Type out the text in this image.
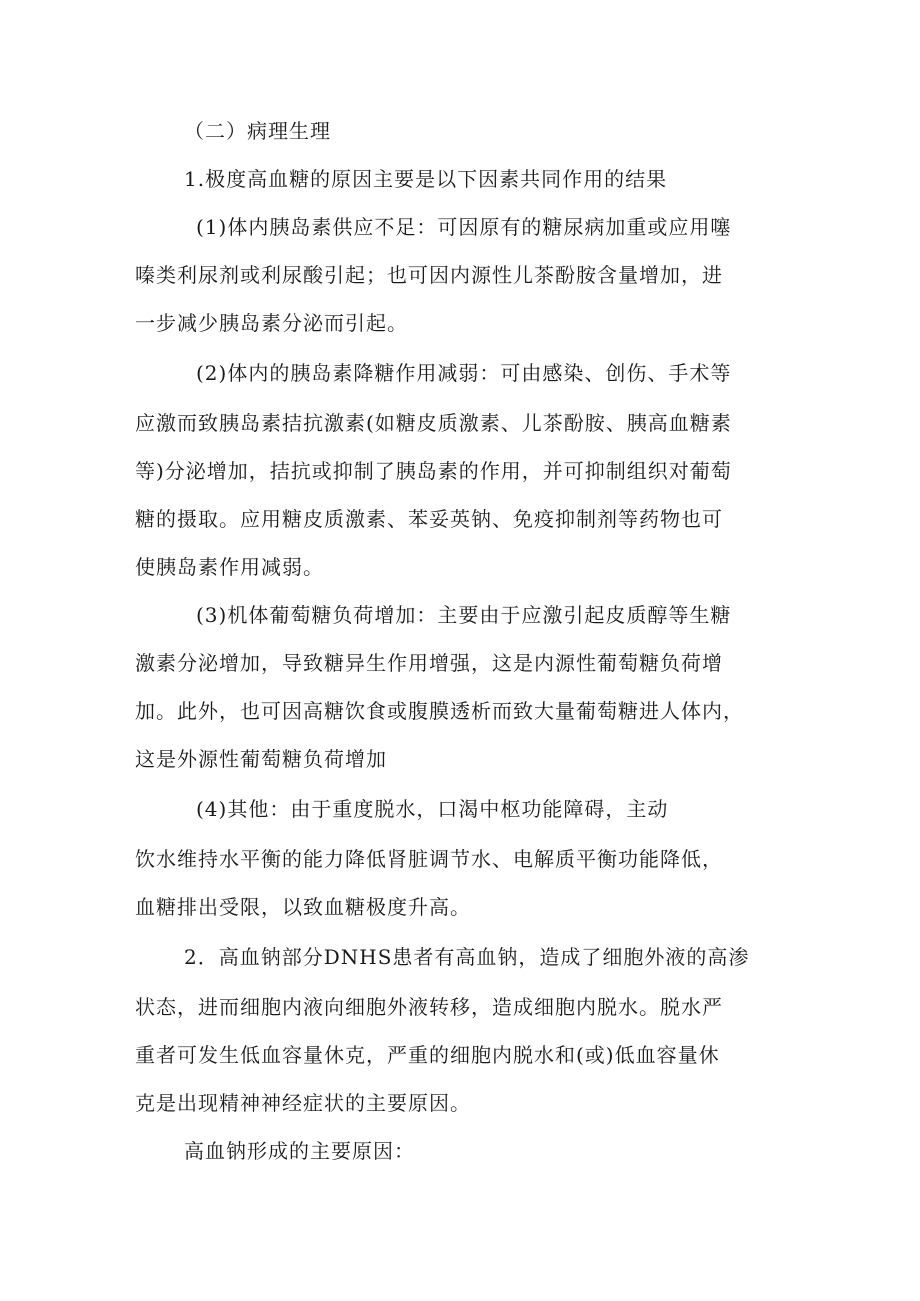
（二）病理生理
1.极度高血糖的原因主要是以下因素共同作用的结果
(1)体内胰岛素供应不足：可因原有的糖尿病加重或应用噻
嗪类利尿剂或利尿酸引起；也可因内源性儿茶酚胺含量增加，进
一步减少胰岛素分泌而引起。
(2)体内的胰岛素降糖作用减弱：可由感染、创伤、手术等
应激而致胰岛素拮抗激素(如糖皮质激素、儿茶酚胺、胰高血糖素
等)分泌增加，拮抗或抑制了胰岛素的作用，并可抑制组织对葡萄
糖的摄取。应用糖皮质激素、苯妥英钠、免疫抑制剂等药物也可
使胰岛素作用减弱。
(3)机体葡萄糖负荷增加：主要由于应激引起皮质醇等生糖
激素分泌增加，导致糖异生作用增强，这是内源性葡萄糖负荷增
加。此外，也可因高糖饮食或腹膜透析而致大量葡萄糖进人体内，
这是外源性葡萄糖负荷增加
(4)其他：由于重度脱水，口渴中枢功能障碍，主动
饮水维持水平衡的能力降低肾脏调节水、电解质平衡功能降低，
血糖排出受限，以致血糖极度升高。
2．高血钠部分DNHS患者有高血钠，造成了细胞外液的高渗
状态，进而细胞内液向细胞外液转移，造成细胞内脱水。脱水严
重者可发生低血容量休克，严重的细胞内脱水和(或)低血容量休
克是出现精神神经症状的主要原因。
高血钠形成的主要原因：
